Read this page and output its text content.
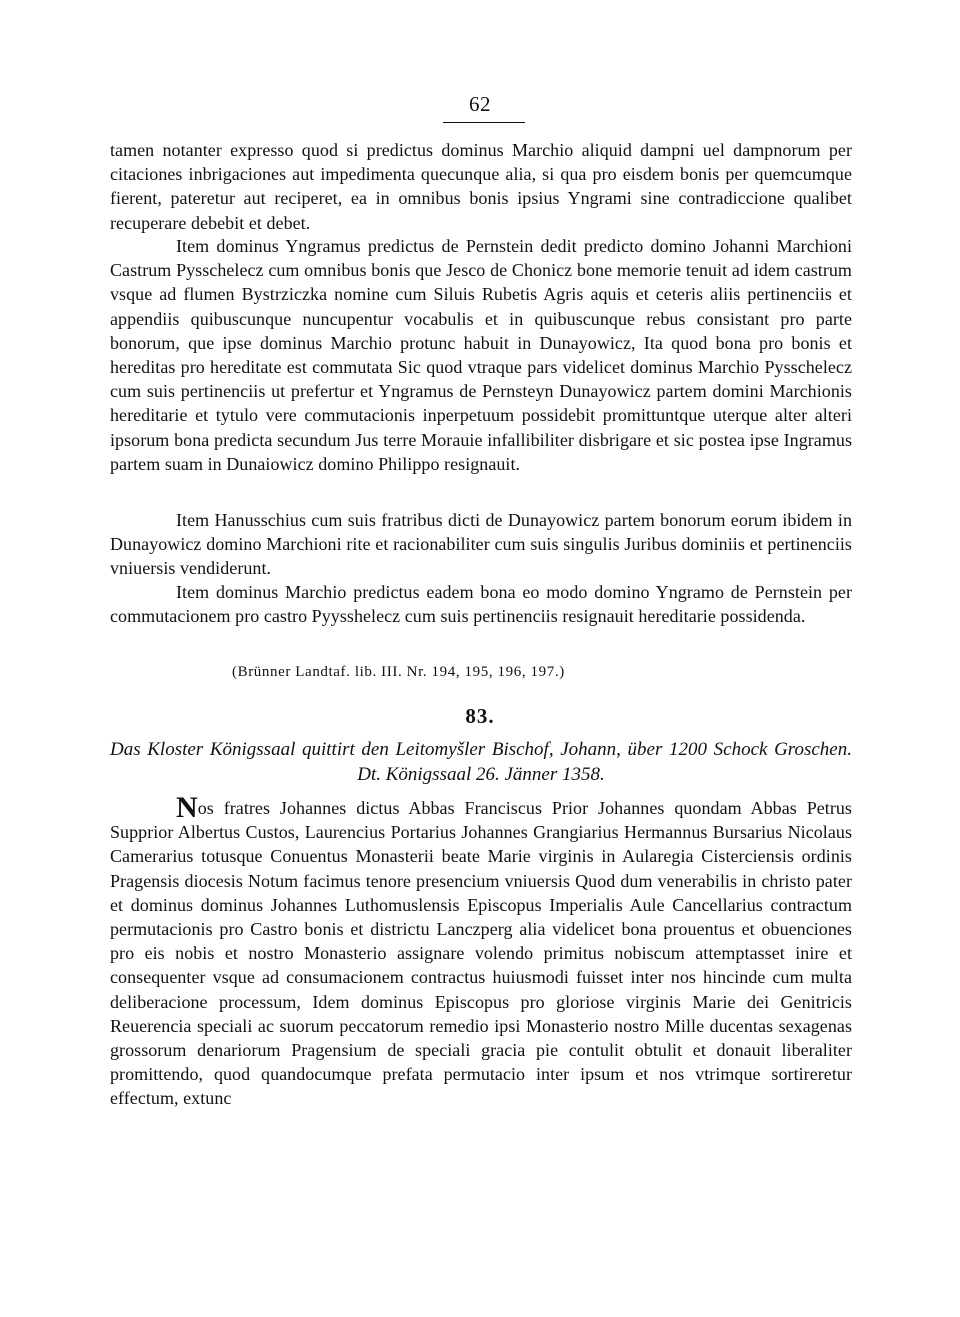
62

tamen notanter expresso quod si predictus dominus Marchio aliquid dampni uel dampnorum per citaciones inbrigaciones aut impedimenta quecunque alia, si qua pro eisdem bonis per quemcumque fierent, pateretur aut reciperet, ea in omnibus bonis ipsius Yngrami sine contradiccione qualibet recuperare debebit et debet.

Item dominus Yngramus predictus de Pernstein dedit predicto domino Johanni Marchioni Castrum Pysschelecz cum omnibus bonis que Jesco de Chonicz bone memorie tenuit ad idem castrum vsque ad flumen Bystrziczka nomine cum Siluis Rubetis Agris aquis et ceteris aliis pertinenciis et appendiis quibuscunque nuncupentur vocabulis et in quibuscunque rebus consistant pro parte bonorum, que ipse dominus Marchio protunc habuit in Dunayowicz, Ita quod bona pro bonis et hereditas pro hereditate est commutata Sic quod vtraque pars videlicet dominus Marchio Pysschelecz cum suis pertinenciis ut prefertur et Yngramus de Pernsteyn Dunayowicz partem domini Marchionis hereditarie et tytulo vere commutacionis inperpetuum possidebit promittuntque uterque alter alteri ipsorum bona predicta secundum Jus terre Morauie infallibiliter disbrigare et sic postea ipse Ingramus partem suam in Dunaiowicz domino Philippo resignauit.

Item Hanusschius cum suis fratribus dicti de Dunayowicz partem bonorum eorum ibidem in Dunayowicz domino Marchioni rite et racionabiliter cum suis singulis Juribus dominiis et pertinenciis vniuersis vendiderunt.

Item dominus Marchio predictus eadem bona eo modo domino Yngramo de Pernstein per commutacionem pro castro Pyysshelecz cum suis pertinenciis resignauit hereditarie possidenda.

(Brünner Landtaf. lib. III. Nr. 194, 195, 196, 197.)
83.
Das Kloster Königssaal quittirt den Leitomyšler Bischof, Johann, über 1200 Schock Groschen. Dt. Königssaal 26. Jänner 1358.

Nos fratres Johannes dictus Abbas Franciscus Prior Johannes quondam Abbas Petrus Supprior Albertus Custos, Laurencius Portarius Johannes Grangiarius Hermannus Bursarius Nicolaus Camerarius totusque Conuentus Monasterii beate Marie virginis in Aularegia Cisterciensis ordinis Pragensis diocesis Notum facimus tenore presencium vniuersis Quod dum venerabilis in christo pater et dominus dominus Johannes Luthomuslensis Episcopus Imperialis Aule Cancellarius contractum permutacionis pro Castro bonis et districtu Lanczperg alia videlicet bona prouentus et obuenciones pro eis nobis et nostro Monasterio assignare volendo primitus nobiscum attemptasset inire et consequenter vsque ad consumacionem contractus huiusmodi fuisset inter nos hincinde cum multa deliberacione processum, Idem dominus Episcopus pro gloriose virginis Marie dei Genitricis Reuerencia speciali ac suorum peccatorum remedio ipsi Monasterio nostro Mille ducentas sexagenas grossorum denariorum Pragensium de speciali gracia pie contulit obtulit et donauit liberaliter promittendo, quod quandocumque prefata permutacio inter ipsum et nos vtrimque sortireretur effectum, extunc
